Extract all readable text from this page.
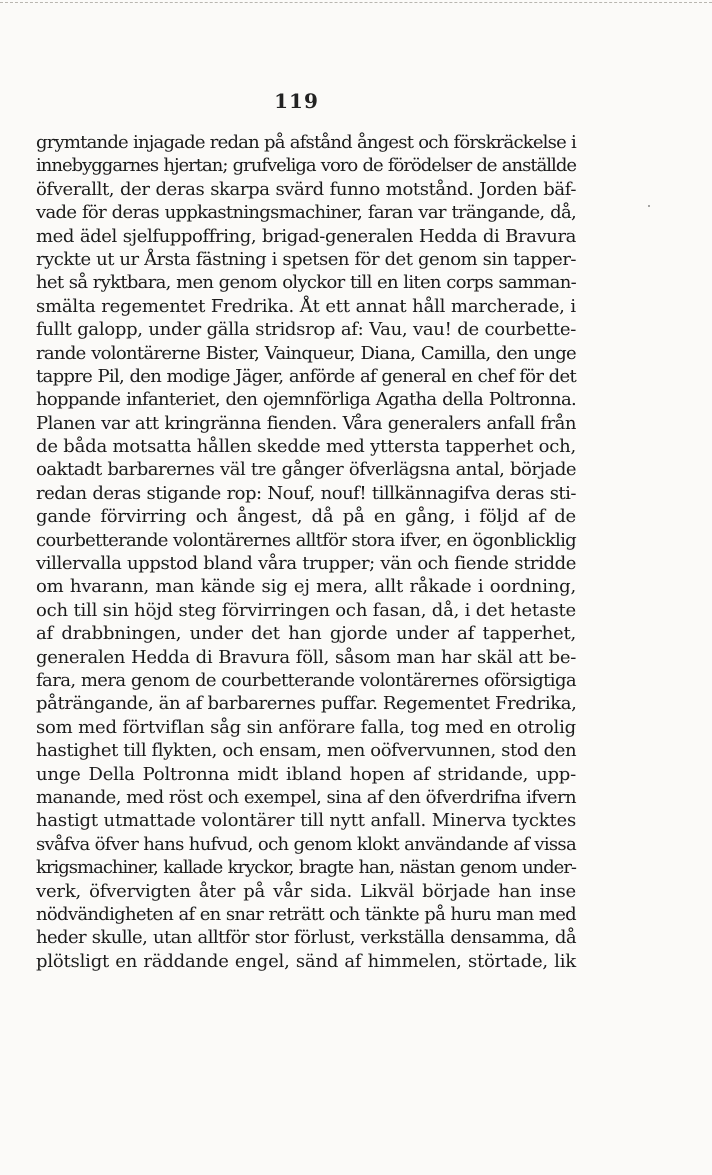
119
grymtande injagade redan på afstånd ångest och förskräckelse i
innebyggarnes hjertan; grufveliga voro de förödelser de anställde
öfverallt, der deras skarpa svärd funno motstånd. Jorden bäf-
vade för deras uppkastningsmachiner, faran var trängande, då,
med ädel sjelfuppoffring, brigad-generalen Hedda di Bravura
ryckte ut ur Årsta fästning i spetsen för det genom sin tapper-
het så ryktbara, men genom olyckor till en liten corps samman-
smälta regementet Fredrika. Åt ett annat håll marcherade, i
fullt galopp, under gälla stridsrop af: Vau, vau! de courbette-
rande volontärerne Bister, Vainqueur, Diana, Camilla, den unge
tappre Pil, den modige Jäger, anförde af general en chef för det
hoppande infanteriet, den ojemnförliga Agatha della Poltronna.
Planen var att kringränna fienden. Våra generalers anfall från
de båda motsatta hållen skedde med yttersta tapperhet och,
oaktadt barbarernes väl tre gånger öfverlägsna antal, började
redan deras stigande rop: Nouf, nouf! tillkännagifva deras sti-
gande förvirring och ångest, då på en gång, i följd af de
courbetterande volontärernes alltför stora ifver, en ögonblicklig
villervalla uppstod bland våra trupper; vän och fiende stridde
om hvarann, man kände sig ej mera, allt råkade i oordning,
och till sin höjd steg förvirringen och fasan, då, i det hetaste
af drabbningen, under det han gjorde under af tapperhet,
generalen Hedda di Bravura föll, såsom man har skäl att be-
fara, mera genom de courbetterande volontärernes oförsigtiga
påträngande, än af barbarernes puffar. Regementet Fredrika,
som med förtviflan såg sin anförare falla, tog med en otrolig
hastighet till flykten, och ensam, men oöfvervunnen, stod den
unge Della Poltronna midt ibland hopen af stridande, upp-
manande, med röst och exempel, sina af den öfverdrifna ifvern
hastigt utmattade volontärer till nytt anfall. Minerva tycktes
svåfva öfver hans hufvud, och genom klokt användande af vissa
krigsmachiner, kallade kryckor, bragte han, nästan genom under-
verk, öfvervigten åter på vår sida. Likväl började han inse
nödvändigheten af en snar reträtt och tänkte på huru man med
heder skulle, utan alltför stor förlust, verkställa densamma, då
plötsligt en räddande engel, sänd af himmelen, störtade, lik
